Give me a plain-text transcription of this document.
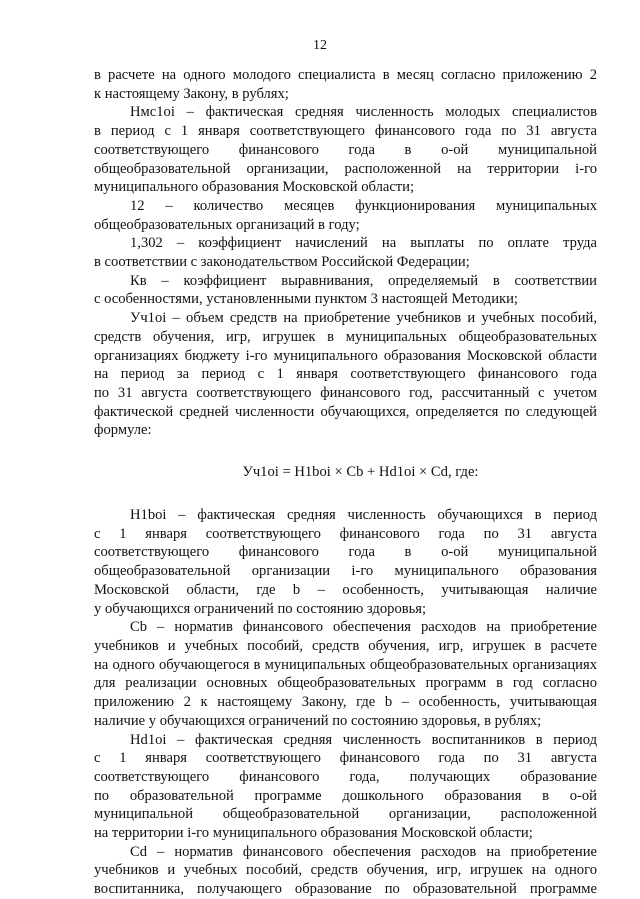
12
в расчете на одного молодого специалиста в месяц согласно приложению 2
к настоящему Закону, в рублях;
Нмс1oi – фактическая средняя численность молодых специалистов
в период с 1 января соответствующего финансового года по 31 августа
соответствующего финансового года в о-ой муниципальной
общеобразовательной организации, расположенной на территории i-го
муниципального образования Московской области;
12 – количество месяцев функционирования муниципальных
общеобразовательных организаций в году;
1,302 – коэффициент начислений на выплаты по оплате труда
в соответствии с законодательством Российской Федерации;
Кв – коэффициент выравнивания, определяемый в соответствии
с особенностями, установленными пунктом 3 настоящей Методики;
Уч1oi – объем средств на приобретение учебников и учебных пособий,
средств обучения, игр, игрушек в муниципальных общеобразовательных
организациях бюджету i-го муниципального образования Московской области
на период за период с 1 января соответствующего финансового года
по 31 августа соответствующего финансового год, рассчитанный с учетом
фактической средней численности обучающихся, определяется по следующей
формуле:
Уч1oi = Н1boi × Cb + Hd1oi × Cd, где:
Н1boi – фактическая средняя численность обучающихся в период
с 1 января соответствующего финансового года по 31 августа
соответствующего финансового года в о-ой муниципальной
общеобразовательной организации i-го муниципального образования
Московской области, где b – особенность, учитывающая наличие
у обучающихся ограничений по состоянию здоровья;
Cb – норматив финансового обеспечения расходов на приобретение
учебников и учебных пособий, средств обучения, игр, игрушек в расчете
на одного обучающегося в муниципальных общеобразовательных организациях
для реализации основных общеобразовательных программ в год согласно
приложению 2 к настоящему Закону, где b – особенность, учитывающая
наличие у обучающихся ограничений по состоянию здоровья, в рублях;
Hd1oi – фактическая средняя численность воспитанников в период
с 1 января соответствующего финансового года по 31 августа
соответствующего финансового года, получающих образование
по образовательной программе дошкольного образования в о-ой
муниципальной общеобразовательной организации, расположенной
на территории i-го муниципального образования Московской области;
Cd – норматив финансового обеспечения расходов на приобретение
учебников и учебных пособий, средств обучения, игр, игрушек на одного
воспитанника, получающего образование по образовательной программе
